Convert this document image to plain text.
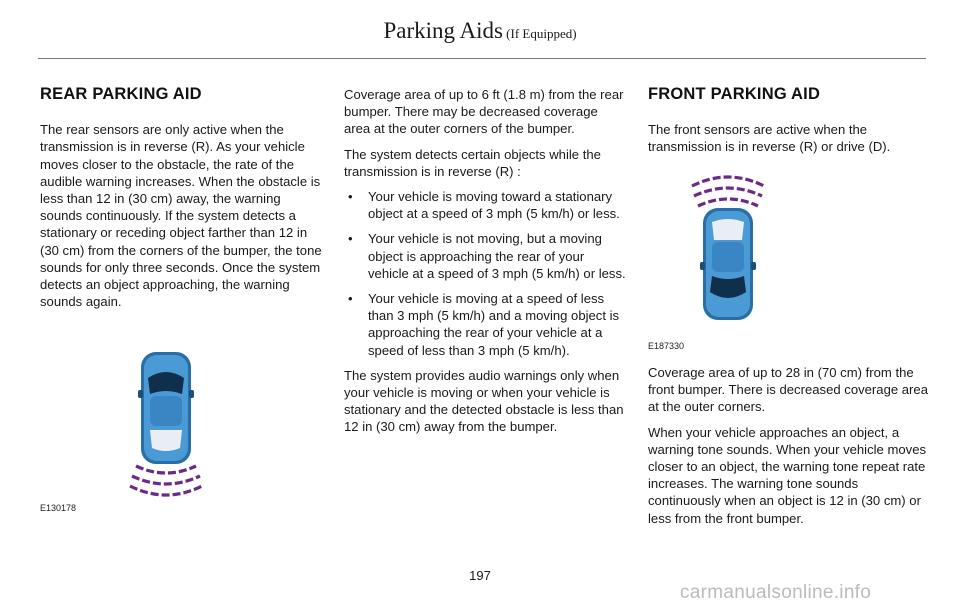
Parking Aids (If Equipped)
REAR PARKING AID

The rear sensors are only active when the transmission is in reverse (R). As your vehicle moves closer to the obstacle, the rate of the audible warning increases. When the obstacle is less than 12 in (30 cm) away, the warning sounds continuously. If the system detects a stationary or receding object farther than 12 in (30 cm) from the corners of the bumper, the tone sounds for only three seconds. Once the system detects an object approaching, the warning sounds again.

E130178

Coverage area of up to 6 ft (1.8 m) from the rear bumper. There may be decreased coverage area at the outer corners of the bumper.

The system detects certain objects while the transmission is in reverse (R) :

• Your vehicle is moving toward a stationary object at a speed of 3 mph (5 km/h) or less.
• Your vehicle is not moving, but a moving object is approaching the rear of your vehicle at a speed of 3 mph (5 km/h) or less.
• Your vehicle is moving at a speed of less than 3 mph (5 km/h) and a moving object is approaching the rear of your vehicle at a speed of less than 3 mph (5 km/h).

The system provides audio warnings only when your vehicle is moving or when your vehicle is stationary and the detected obstacle is less than 12 in (30 cm) away from the bumper.

FRONT PARKING AID

The front sensors are active when the transmission is in reverse (R) or drive (D).

E187330

Coverage area of up to 28 in (70 cm) from the front bumper. There is decreased coverage area at the outer corners.

When your vehicle approaches an object, a warning tone sounds. When your vehicle moves closer to an object, the warning tone repeat rate increases. The warning tone sounds continuously when an object is 12 in (30 cm) or less from the front bumper.

197
carmanualsonline.info
